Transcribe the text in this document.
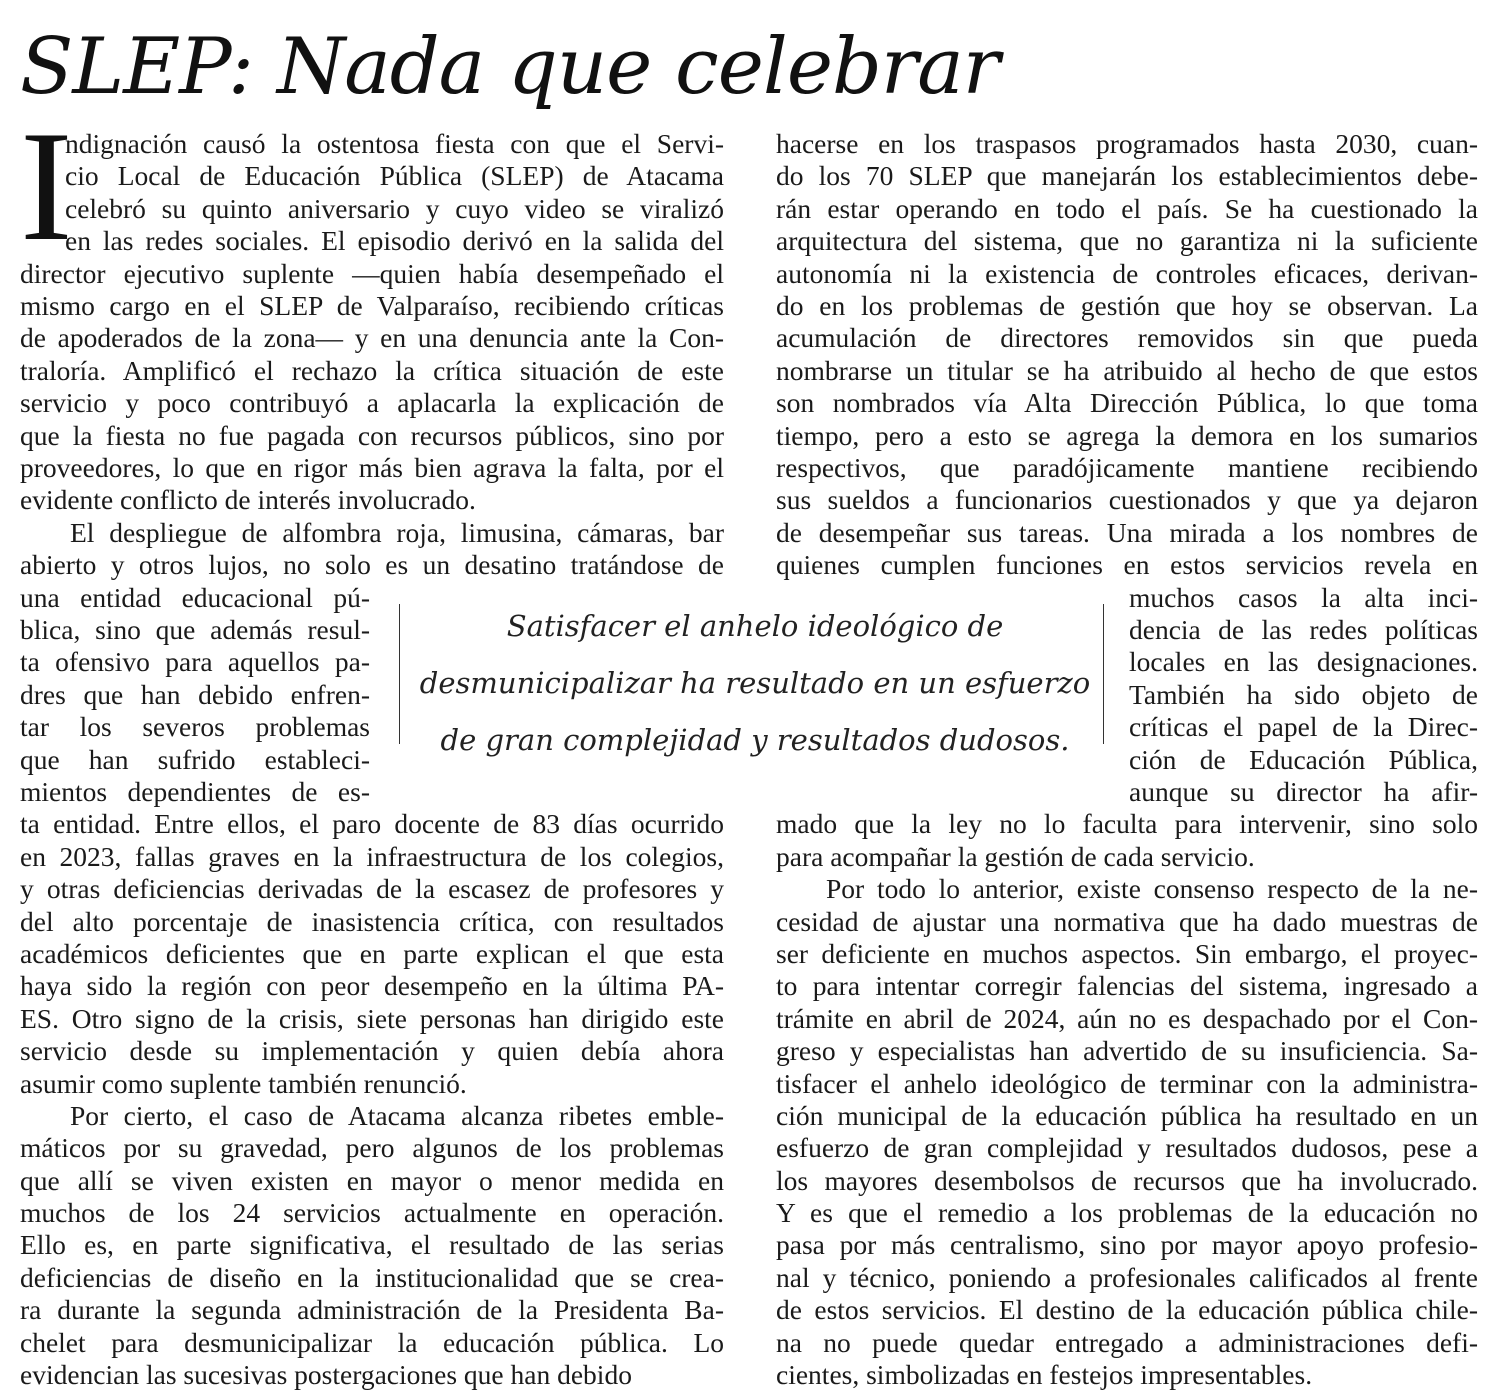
SLEP: Nada que celebrar
I
ndignación causó la ostentosa fiesta con que el Servi-
cio Local de Educación Pública (SLEP) de Atacama
celebró su quinto aniversario y cuyo video se viralizó
en las redes sociales. El episodio derivó en la salida del
director ejecutivo suplente —quien había desempeñado el
mismo cargo en el SLEP de Valparaíso, recibiendo críticas
de apoderados de la zona— y en una denuncia ante la Con-
traloría. Amplificó el rechazo la crítica situación de este
servicio y poco contribuyó a aplacarla la explicación de
que la fiesta no fue pagada con recursos públicos, sino por
proveedores, lo que en rigor más bien agrava la falta, por el
evidente conflicto de interés involucrado.
El despliegue de alfombra roja, limusina, cámaras, bar
abierto y otros lujos, no solo es un desatino tratándose de
una entidad educacional pú-
blica, sino que además resul-
ta ofensivo para aquellos pa-
dres que han debido enfren-
tar los severos problemas
que han sufrido estableci-
mientos dependientes de es-
ta entidad. Entre ellos, el paro docente de 83 días ocurrido
en 2023, fallas graves en la infraestructura de los colegios,
y otras deficiencias derivadas de la escasez de profesores y
del alto porcentaje de inasistencia crítica, con resultados
académicos deficientes que en parte explican el que esta
haya sido la región con peor desempeño en la última PA-
ES. Otro signo de la crisis, siete personas han dirigido este
servicio desde su implementación y quien debía ahora
asumir como suplente también renunció.
Por cierto, el caso de Atacama alcanza ribetes emble-
máticos por su gravedad, pero algunos de los problemas
que allí se viven existen en mayor o menor medida en
muchos de los 24 servicios actualmente en operación.
Ello es, en parte significativa, el resultado de las serias
deficiencias de diseño en la institucionalidad que se crea-
ra durante la segunda administración de la Presidenta Ba-
chelet para desmunicipalizar la educación pública. Lo
evidencian las sucesivas postergaciones que han debido
hacerse en los traspasos programados hasta 2030, cuan-
do los 70 SLEP que manejarán los establecimientos debe-
rán estar operando en todo el país. Se ha cuestionado la
arquitectura del sistema, que no garantiza ni la suficiente
autonomía ni la existencia de controles eficaces, derivan-
do en los problemas de gestión que hoy se observan. La
acumulación de directores removidos sin que pueda
nombrarse un titular se ha atribuido al hecho de que estos
son nombrados vía Alta Dirección Pública, lo que toma
tiempo, pero a esto se agrega la demora en los sumarios
respectivos, que paradójicamente mantiene recibiendo
sus sueldos a funcionarios cuestionados y que ya dejaron
de desempeñar sus tareas. Una mirada a los nombres de
quienes cumplen funciones en estos servicios revela en
muchos casos la alta inci-
dencia de las redes políticas
locales en las designaciones.
También ha sido objeto de
críticas el papel de la Direc-
ción de Educación Pública,
aunque su director ha afir-
mado que la ley no lo faculta para intervenir, sino solo
para acompañar la gestión de cada servicio.
Por todo lo anterior, existe consenso respecto de la ne-
cesidad de ajustar una normativa que ha dado muestras de
ser deficiente en muchos aspectos. Sin embargo, el proyec-
to para intentar corregir falencias del sistema, ingresado a
trámite en abril de 2024, aún no es despachado por el Con-
greso y especialistas han advertido de su insuficiencia. Sa-
tisfacer el anhelo ideológico de terminar con la administra-
ción municipal de la educación pública ha resultado en un
esfuerzo de gran complejidad y resultados dudosos, pese a
los mayores desembolsos de recursos que ha involucrado.
Y es que el remedio a los problemas de la educación no
pasa por más centralismo, sino por mayor apoyo profesio-
nal y técnico, poniendo a profesionales calificados al frente
de estos servicios. El destino de la educación pública chile-
na no puede quedar entregado a administraciones defi-
cientes, simbolizadas en festejos impresentables.
Satisfacer el anhelo ideológico de
desmunicipalizar ha resultado en un esfuerzo
de gran complejidad y resultados dudosos.
